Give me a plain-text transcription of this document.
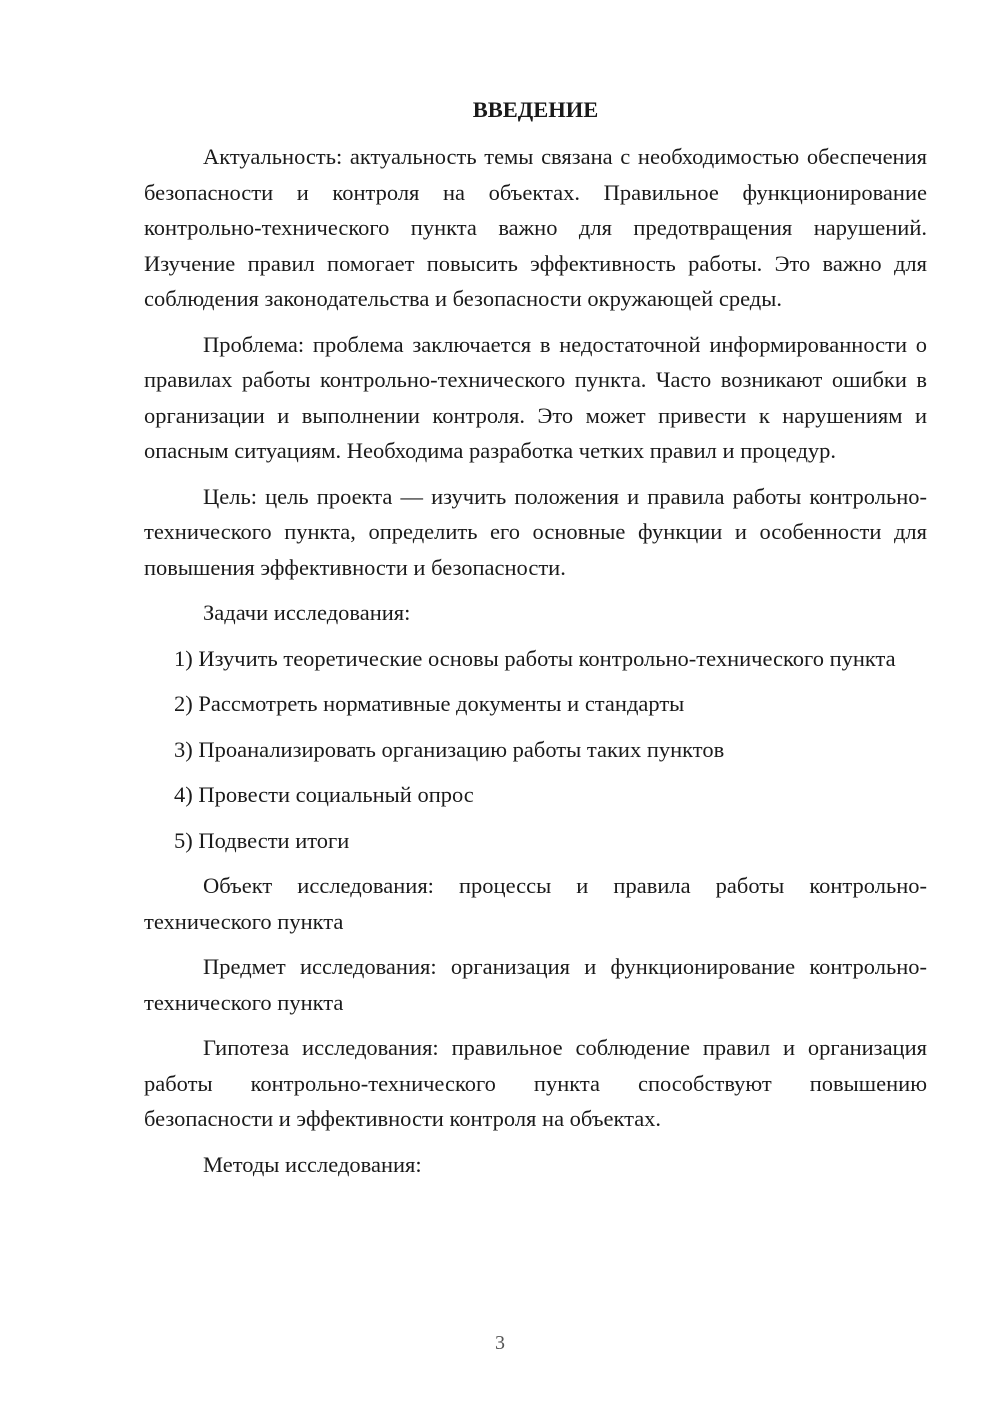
ВВЕДЕНИЕ

Актуальность: актуальность темы связана с необходимостью обеспечения безопасности и контроля на объектах. Правильное функционирование контрольно-технического пункта важно для предотвращения нарушений. Изучение правил помогает повысить эффективность работы. Это важно для соблюдения законодательства и безопасности окружающей среды.

Проблема: проблема заключается в недостаточной информированности о правилах работы контрольно-технического пункта. Часто возникают ошибки в организации и выполнении контроля. Это может привести к нарушениям и опасным ситуациям. Необходима разработка четких правил и процедур.

Цель: цель проекта — изучить положения и правила работы контрольно-технического пункта, определить его основные функции и особенности для повышения эффективности и безопасности.

Задачи исследования:

1) Изучить теоретические основы работы контрольно-технического пункта

2) Рассмотреть нормативные документы и стандарты

3) Проанализировать организацию работы таких пунктов

4) Провести социальный опрос

5) Подвести итоги

Объект исследования: процессы и правила работы контрольно-технического пункта

Предмет исследования: организация и функционирование контрольно-технического пункта

Гипотеза исследования: правильное соблюдение правил и организация работы контрольно-технического пункта способствуют повышению безопасности и эффективности контроля на объектах.

Методы исследования:

3
